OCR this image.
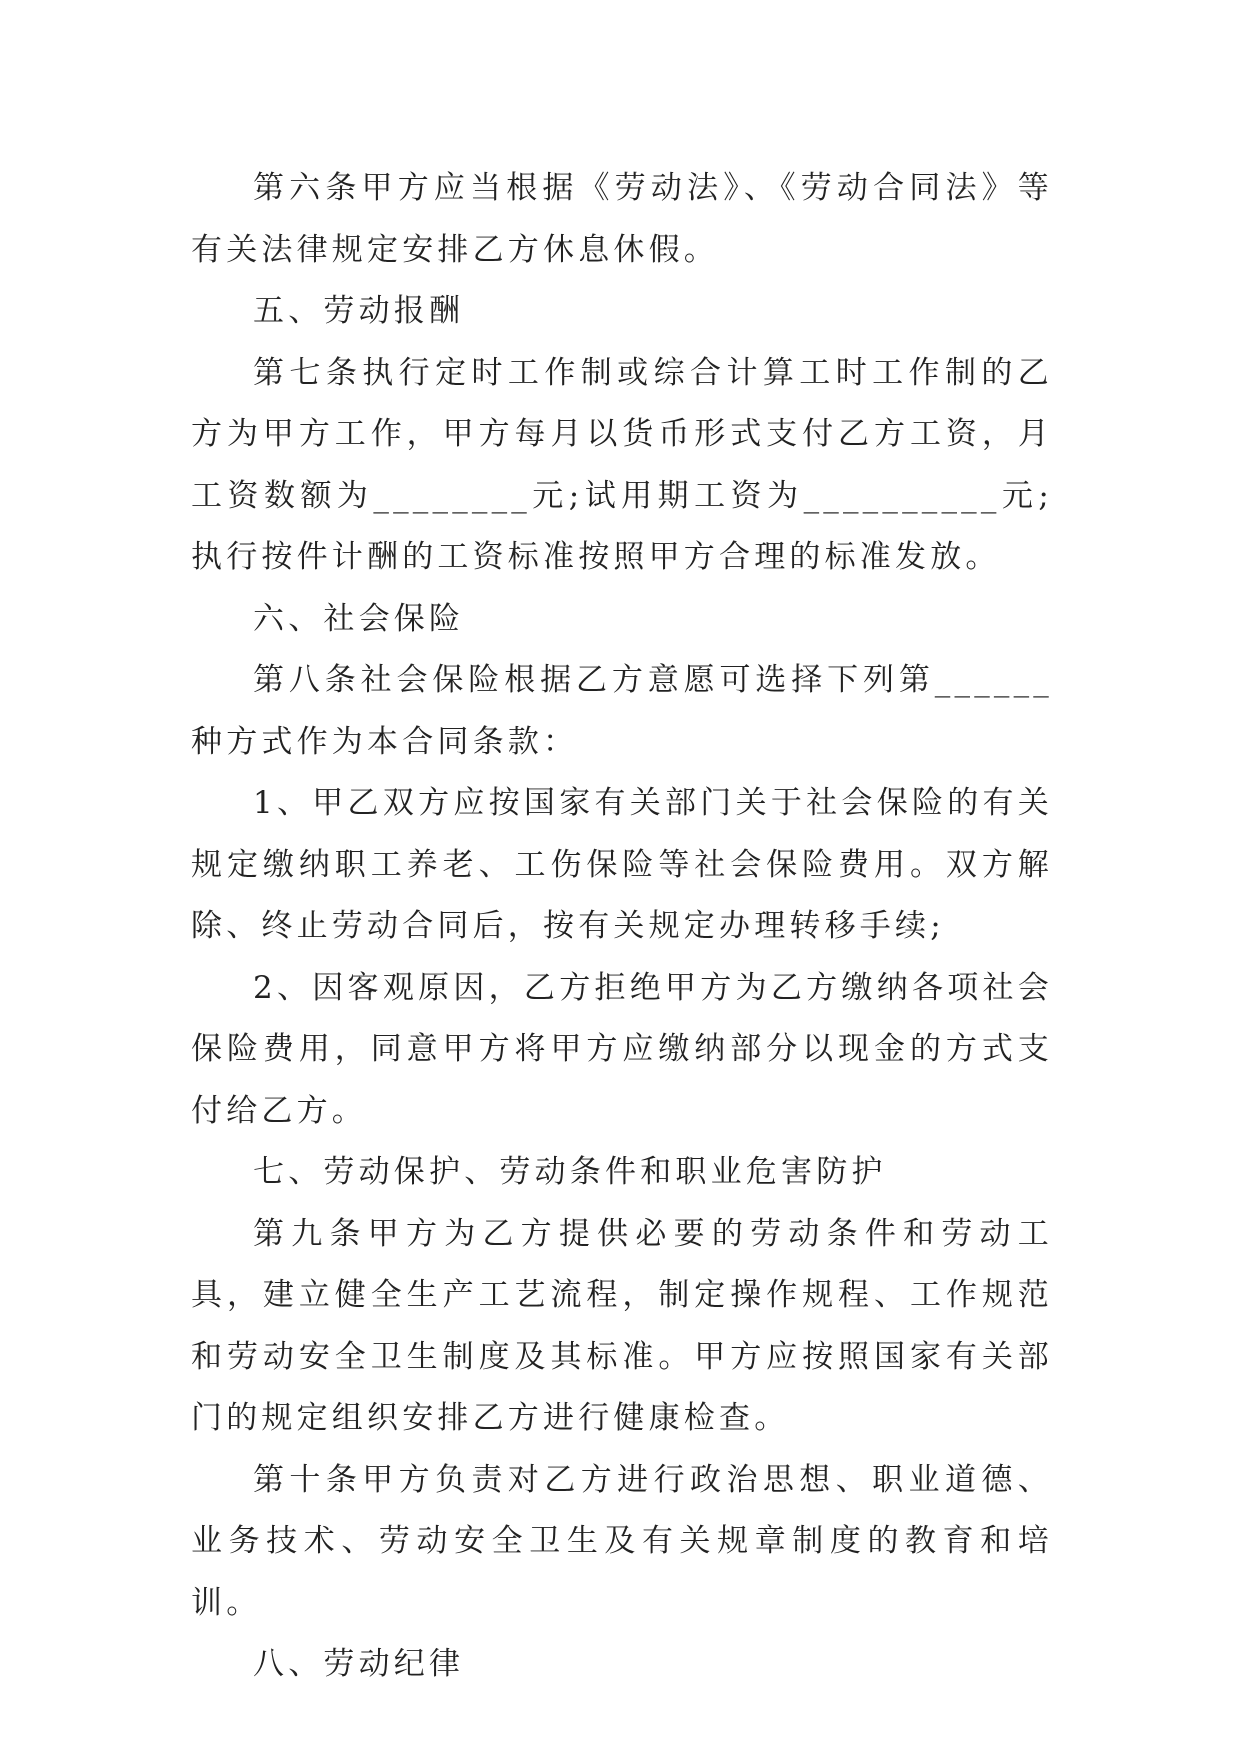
第六条甲方应当根据《劳动法》、《劳动合同法》等有关法律规定安排乙方休息休假。

五、劳动报酬

第七条执行定时工作制或综合计算工时工作制的乙方为甲方工作，甲方每月以货币形式支付乙方工资，月工资数额为________元;试用期工资为__________元;执行按件计酬的工资标准按照甲方合理的标准发放。

六、社会保险

第八条社会保险根据乙方意愿可选择下列第______种方式作为本合同条款：

1、甲乙双方应按国家有关部门关于社会保险的有关规定缴纳职工养老、工伤保险等社会保险费用。双方解除、终止劳动合同后，按有关规定办理转移手续;

2、因客观原因，乙方拒绝甲方为乙方缴纳各项社会保险费用，同意甲方将甲方应缴纳部分以现金的方式支付给乙方。

七、劳动保护、劳动条件和职业危害防护

第九条甲方为乙方提供必要的劳动条件和劳动工具，建立健全生产工艺流程，制定操作规程、工作规范和劳动安全卫生制度及其标准。甲方应按照国家有关部门的规定组织安排乙方进行健康检查。

第十条甲方负责对乙方进行政治思想、职业道德、业务技术、劳动安全卫生及有关规章制度的教育和培训。

八、劳动纪律
